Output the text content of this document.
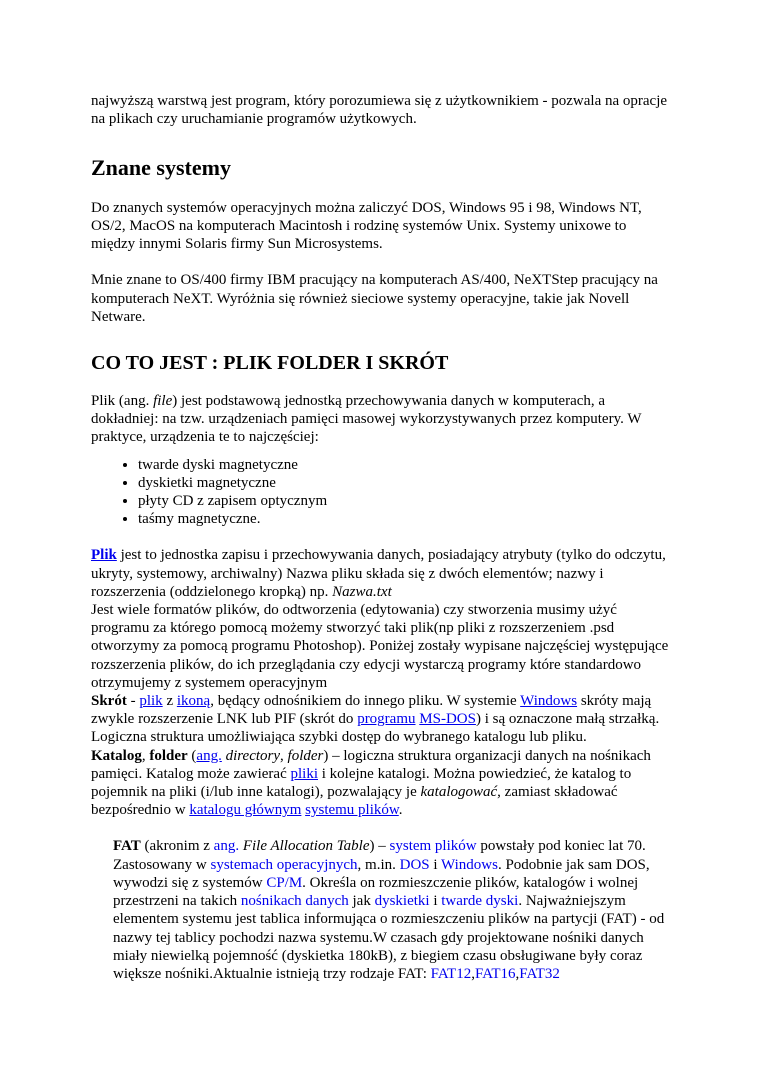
najwyższą warstwą jest program, który porozumiewa się z użytkownikiem - pozwala na opracje na plikach czy uruchamianie programów użytkowych.

Znane systemy

Do znanych systemów operacyjnych można zaliczyć DOS, Windows 95 i 98, Windows NT, OS/2, MacOS na komputerach Macintosh i rodzinę systemów Unix. Systemy unixowe to między innymi Solaris firmy Sun Microsystems.

Mnie znane to OS/400 firmy IBM pracujący na komputerach AS/400, NeXTStep pracujący na komputerach NeXT. Wyróżnia się również sieciowe systemy operacyjne, takie jak Novell Netware.

CO TO JEST : PLIK FOLDER I SKRÓT

Plik (ang. file) jest podstawową jednostką przechowywania danych w komputerach, a dokładniej: na tzw. urządzeniach pamięci masowej wykorzystywanych przez komputery. W praktyce, urządzenia te to najczęściej:

• twarde dyski magnetyczne
• dyskietki magnetyczne
• płyty CD z zapisem optycznym
• taśmy magnetyczne.

Plik jest to jednostka zapisu i przechowywania danych, posiadający atrybuty (tylko do odczytu, ukryty, systemowy, archiwalny) Nazwa pliku składa się z dwóch elementów; nazwy i rozszerzenia (oddzielonego kropką) np. Nazwa.txt

Jest wiele formatów plików, do odtworzenia (edytowania) czy stworzenia musimy użyć programu za którego pomocą możemy stworzyć taki plik(np pliki z rozszerzeniem .psd otworzymy za pomocą programu Photoshop). Poniżej zostały wypisane najczęściej występujące rozszerzenia plików, do ich przeglądania czy edycji wystarczą programy które standardowo otrzymujemy z systemem operacyjnym

Skrót - plik z ikoną, będący odnośnikiem do innego pliku. W systemie Windows skróty mają zwykle rozszerzenie LNK lub PIF (skrót do programu MS-DOS) i są oznaczone małą strzałką. Logiczna struktura umożliwiająca szybki dostęp do wybranego katalogu lub pliku.

Katalog, folder (ang. directory, folder) – logiczna struktura organizacji danych na nośnikach pamięci. Katalog może zawierać pliki i kolejne katalogi. Można powiedzieć, że katalog to pojemnik na pliki (i/lub inne katalogi), pozwalający je katalogować, zamiast składować bezpośrednio w katalogu głównym systemu plików.

FAT (akronim z ang. File Allocation Table) – system plików powstały pod koniec lat 70. Zastosowany w systemach operacyjnych, m.in. DOS i Windows. Podobnie jak sam DOS, wywodzi się z systemów CP/M. Określa on rozmieszczenie plików, katalogów i wolnej przestrzeni na takich nośnikach danych jak dyskietki i twarde dyski. Najważniejszym elementem systemu jest tablica informująca o rozmieszczeniu plików na partycji (FAT) - od nazwy tej tablicy pochodzi nazwa systemu.W czasach gdy projektowane nośniki danych miały niewielką pojemność (dyskietka 180kB), z biegiem czasu obsługiwane były coraz większe nośniki.Aktualnie istnieją trzy rodzaje FAT: FAT12,FAT16,FAT32
